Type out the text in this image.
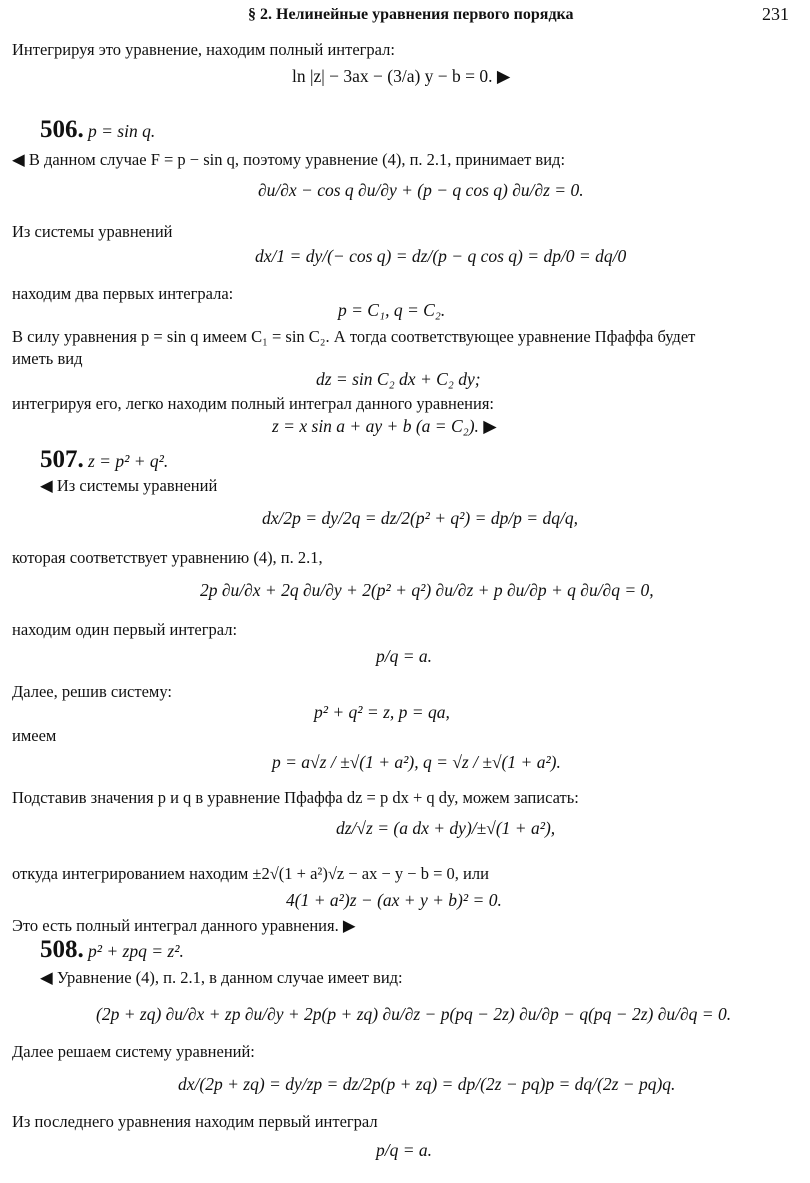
§ 2. Нелинейные уравнения первого порядка	231
Интегрируя это уравнение, находим полный интеграл:
ln |z| − 3ax − (3/a) y − b = 0. ▶
506. p = sin q.
◀ В данном случае F = p − sin q, поэтому уравнение (4), п. 2.1, принимает вид:
∂u/∂x − cos q ∂u/∂y + (p − q cos q) ∂u/∂z = 0.
Из системы уравнений
dx/1 = dy/(− cos q) = dz/(p − q cos q) = dp/0 = dq/0
находим два первых интеграла:
p = C₁, q = C₂.
В силу уравнения p = sin q имеем C₁ = sin C₂. А тогда соответствующее уравнение Пфаффа будет
иметь вид
dz = sin C₂ dx + C₂ dy;
интегрируя его, легко находим полный интеграл данного уравнения:
z = x sin a + ay + b (a = C₂). ▶
507. z = p² + q².
◀ Из системы уравнений
dx/2p = dy/2q = dz/2(p² + q²) = dp/p = dq/q,
которая соответствует уравнению (4), п. 2.1,
2p ∂u/∂x + 2q ∂u/∂y + 2(p² + q²) ∂u/∂z + p ∂u/∂p + q ∂u/∂q = 0,
находим один первый интеграл:
p/q = a.
Далее, решив систему:
p² + q² = z, p = qa,
имеем
p = a√z / ±√(1 + a²), q = √z / ±√(1 + a²).
Подставив значения p и q в уравнение Пфаффа dz = p dx + q dy, можем записать:
dz/√z = (a dx + dy)/±√(1 + a²),
откуда интегрированием находим ±2√(1 + a²)√z − ax − y − b = 0, или
4(1 + a²)z − (ax + y + b)² = 0.
Это есть полный интеграл данного уравнения. ▶
508. p² + zpq = z².
◀ Уравнение (4), п. 2.1, в данном случае имеет вид:
(2p + zq) ∂u/∂x + zp ∂u/∂y + 2p(p + zq) ∂u/∂z − p(pq − 2z) ∂u/∂p − q(pq − 2z) ∂u/∂q = 0.
Далее решаем систему уравнений:
dx/(2p + zq) = dy/zp = dz/2p(p + zq) = dp/(2z − pq)p = dq/(2z − pq)q.
Из последнего уравнения находим первый интеграл
p/q = a.
